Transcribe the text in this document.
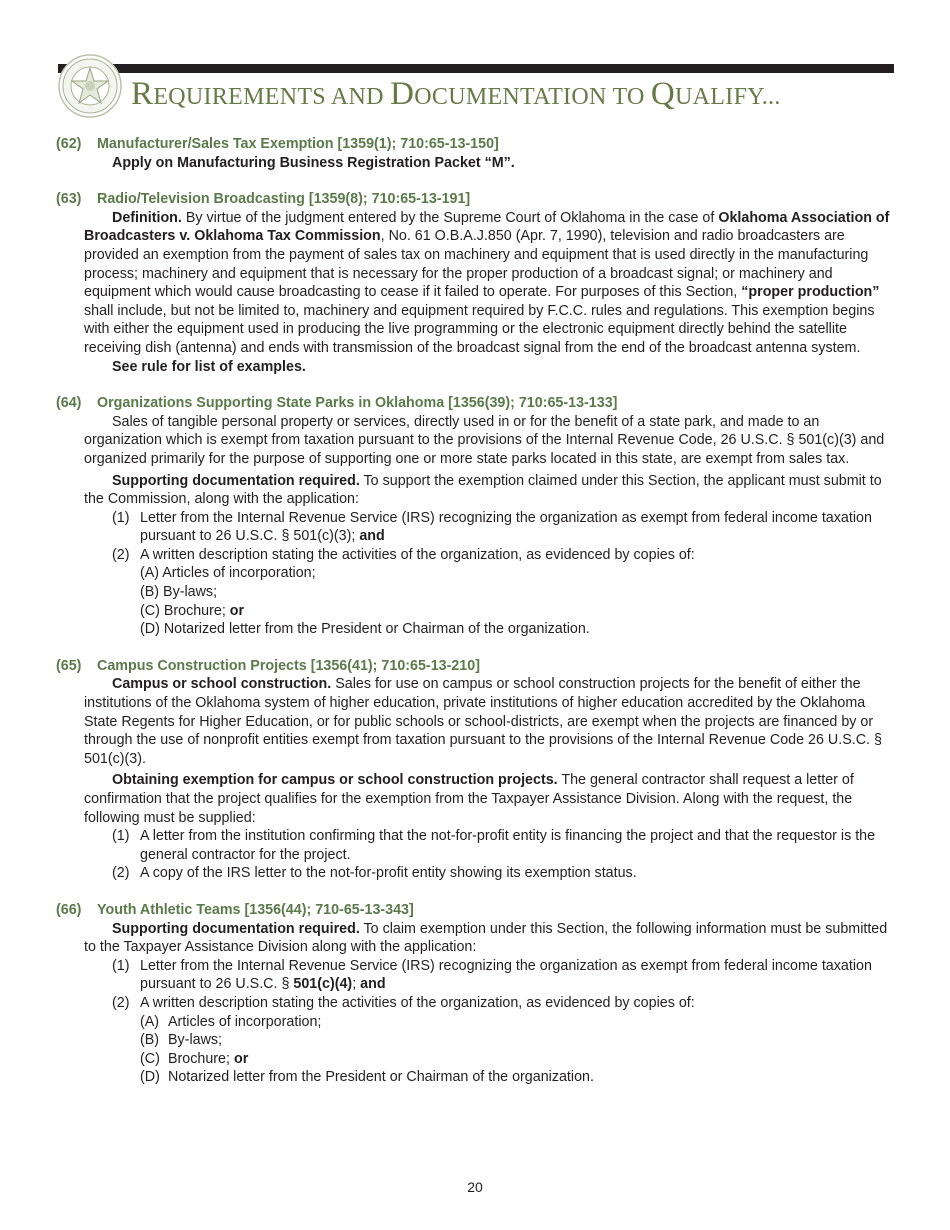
REQUIREMENTS AND DOCUMENTATION TO QUALIFY...

(62) Manufacturer/Sales Tax Exemption [1359(1); 710:65-13-150]

Apply on Manufacturing Business Registration Packet “M”.

(63) Radio/Television Broadcasting [1359(8); 710:65-13-191]

Definition. By virtue of the judgment entered by the Supreme Court of Oklahoma in the case of Oklahoma Association of Broadcasters v. Oklahoma Tax Commission, No. 61 O.B.A.J.850 (Apr. 7, 1990), television and radio broadcasters are provided an exemption from the payment of sales tax on machinery and equipment that is used directly in the manufacturing process; machinery and equipment that is necessary for the proper production of a broadcast signal; or machinery and equipment which would cause broadcasting to cease if it failed to operate. For purposes of this Section, “proper production” shall include, but not be limited to, machinery and equipment required by F.C.C. rules and regulations. This exemption begins with either the equipment used in producing the live programming or the electronic equipment directly behind the satellite receiving dish (antenna) and ends with transmission of the broadcast signal from the end of the broadcast antenna system.

See rule for list of examples.

(64) Organizations Supporting State Parks in Oklahoma [1356(39); 710:65-13-133]

Sales of tangible personal property or services, directly used in or for the benefit of a state park, and made to an organization which is exempt from taxation pursuant to the provisions of the Internal Revenue Code, 26 U.S.C. § 501(c)(3) and organized primarily for the purpose of supporting one or more state parks located in this state, are exempt from sales tax.

Supporting documentation required. To support the exemption claimed under this Section, the applicant must submit to the Commission, along with the application:

(1) Letter from the Internal Revenue Service (IRS) recognizing the organization as exempt from federal income taxation pursuant to 26 U.S.C. § 501(c)(3); and
(2) A written description stating the activities of the organization, as evidenced by copies of:
(A) Articles of incorporation;
(B) By-laws;
(C) Brochure; or
(D) Notarized letter from the President or Chairman of the organization.

(65) Campus Construction Projects [1356(41); 710:65-13-210]

Campus or school construction. Sales for use on campus or school construction projects for the benefit of either the institutions of the Oklahoma system of higher education, private institutions of higher education accredited by the Oklahoma State Regents for Higher Education, or for public schools or school-districts, are exempt when the projects are financed by or through the use of nonprofit entities exempt from taxation pursuant to the provisions of the Internal Revenue Code 26 U.S.C. § 501(c)(3).

Obtaining exemption for campus or school construction projects. The general contractor shall request a letter of confirmation that the project qualifies for the exemption from the Taxpayer Assistance Division. Along with the request, the following must be supplied:

(1) A letter from the institution confirming that the not-for-profit entity is financing the project and that the requestor is the general contractor for the project.
(2) A copy of the IRS letter to the not-for-profit entity showing its exemption status.

(66) Youth Athletic Teams [1356(44); 710-65-13-343]

Supporting documentation required. To claim exemption under this Section, the following information must be submitted to the Taxpayer Assistance Division along with the application:

(1) Letter from the Internal Revenue Service (IRS) recognizing the organization as exempt from federal income taxation pursuant to 26 U.S.C. § 501(c)(4); and
(2) A written description stating the activities of the organization, as evidenced by copies of:
(A) Articles of incorporation;
(B) By-laws;
(C) Brochure; or
(D) Notarized letter from the President or Chairman of the organization.
20
